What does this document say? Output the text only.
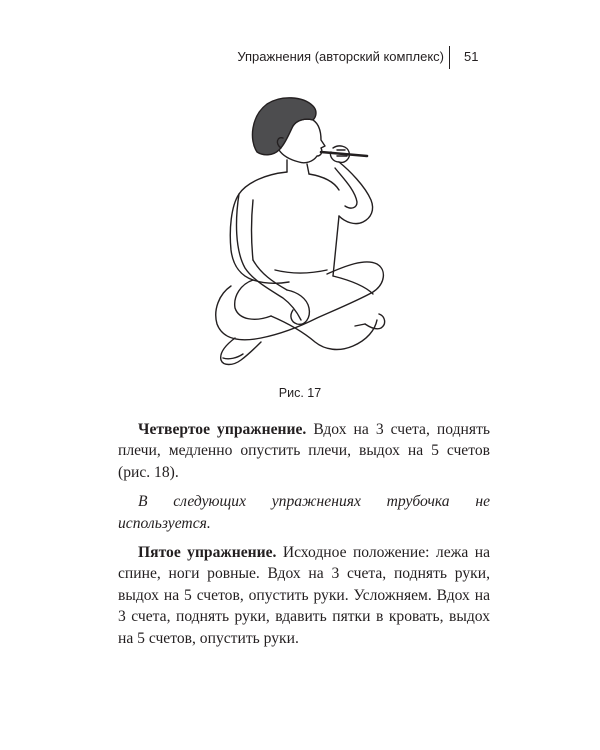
Упражнения (авторский комплекс) 51
Рис. 17

Четвертое упражнение. Вдох на 3 счета, поднять плечи, медленно опустить плечи, выдох на 5 счетов (рис. 18).

В следующих упражнениях трубочка не используется.

Пятое упражнение. Исходное положение: лежа на спине, ноги ровные. Вдох на 3 счета, поднять руки, выдох на 5 счетов, опустить руки. Усложняем. Вдох на 3 счета, поднять руки, вдавить пятки в кровать, выдох на 5 счетов, опустить руки.
